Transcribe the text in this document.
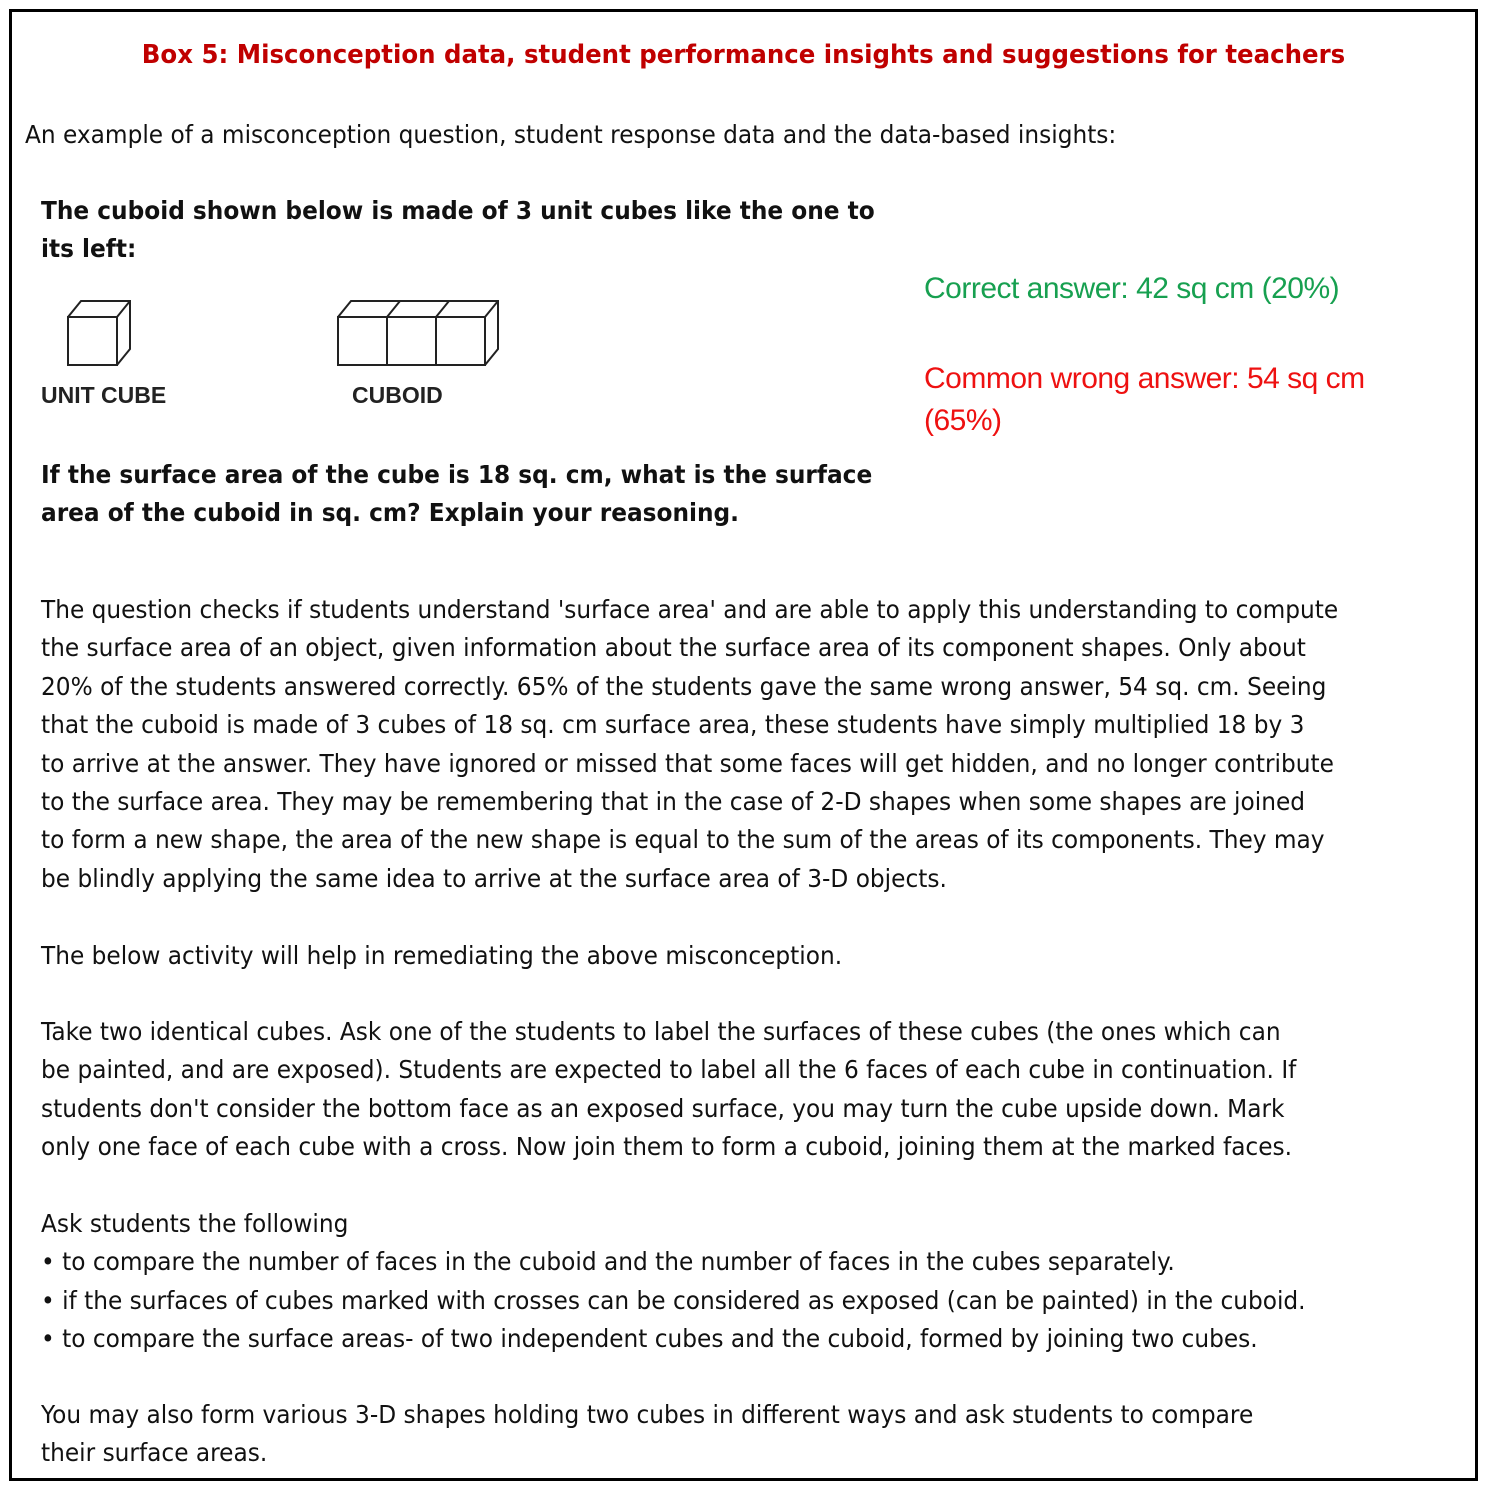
Box 5: Misconception data, student performance insights and suggestions for teachers
An example of a misconception question, student response data and the data-based insights:
The cuboid shown below is made of 3 unit cubes like the one to
its left:
UNIT CUBE	CUBOID
If the surface area of the cube is 18 sq. cm, what is the surface
area of the cuboid in sq. cm? Explain your reasoning.
Correct answer: 42 sq cm (20%)
Common wrong answer: 54 sq cm
(65%)
The question checks if students understand 'surface area' and are able to apply this understanding to compute
the surface area of an object, given information about the surface area of its component shapes. Only about
20% of the students answered correctly. 65% of the students gave the same wrong answer, 54 sq. cm. Seeing
that the cuboid is made of 3 cubes of 18 sq. cm surface area, these students have simply multiplied 18 by 3
to arrive at the answer. They have ignored or missed that some faces will get hidden, and no longer contribute
to the surface area. They may be remembering that in the case of 2-D shapes when some shapes are joined
to form a new shape, the area of the new shape is equal to the sum of the areas of its components. They may
be blindly applying the same idea to arrive at the surface area of 3-D objects.
The below activity will help in remediating the above misconception.
Take two identical cubes. Ask one of the students to label the surfaces of these cubes (the ones which can
be painted, and are exposed). Students are expected to label all the 6 faces of each cube in continuation. If
students don't consider the bottom face as an exposed surface, you may turn the cube upside down. Mark
only one face of each cube with a cross. Now join them to form a cuboid, joining them at the marked faces.
Ask students the following
• to compare the number of faces in the cuboid and the number of faces in the cubes separately.
• if the surfaces of cubes marked with crosses can be considered as exposed (can be painted) in the cuboid.
• to compare the surface areas- of two independent cubes and the cuboid, formed by joining two cubes.
You may also form various 3-D shapes holding two cubes in different ways and ask students to compare
their surface areas.
